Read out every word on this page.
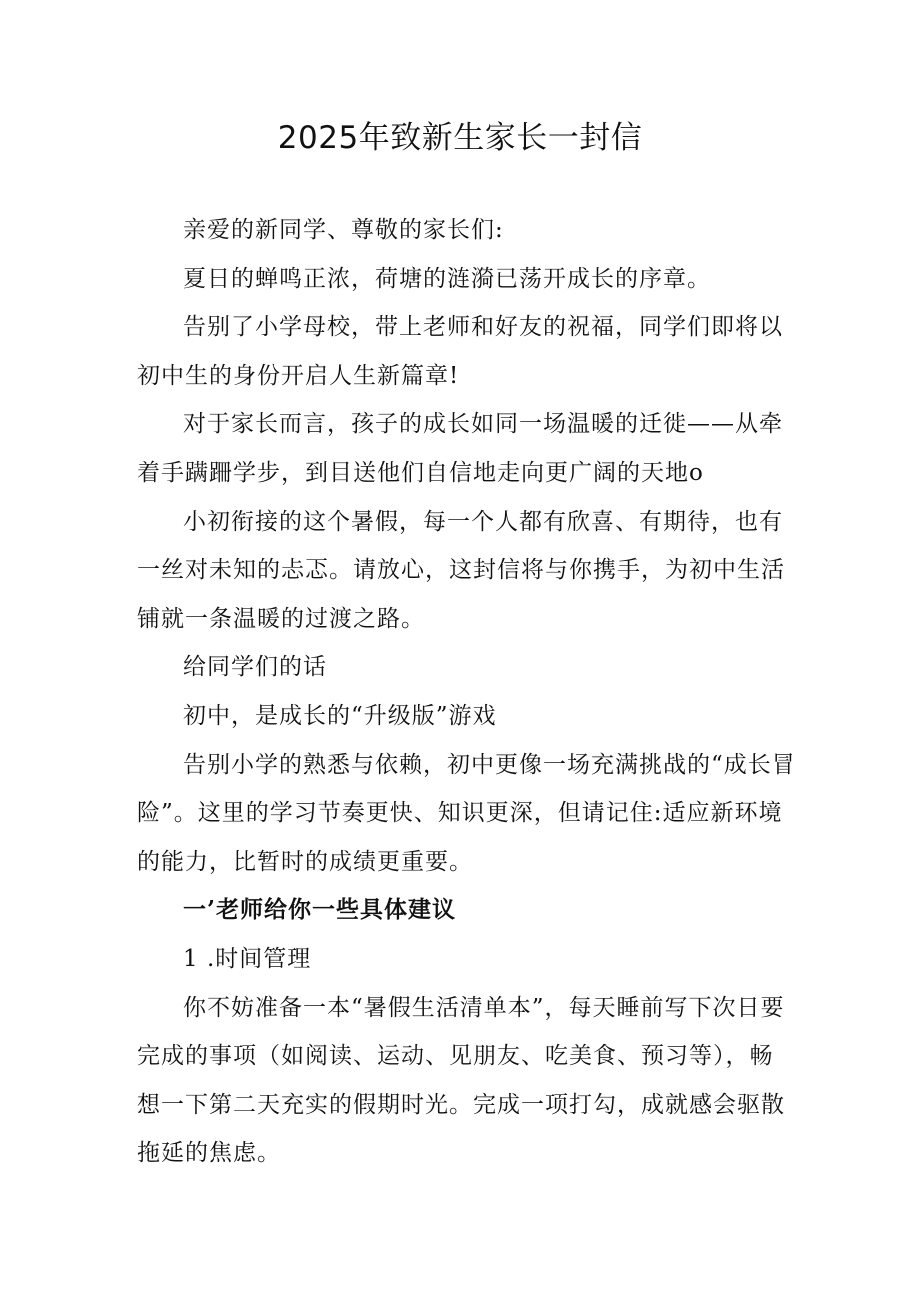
2025年致新生家长一封信

亲爱的新同学、尊敬的家长们:

夏日的蝉鸣正浓，荷塘的涟漪已荡开成长的序章。

告别了小学母校，带上老师和好友的祝福，同学们即将以初中生的身份开启人生新篇章!

对于家长而言，孩子的成长如同一场温暖的迁徙——从牵着手蹒跚学步，到目送他们自信地走向更广阔的天地o

小初衔接的这个暑假，每一个人都有欣喜、有期待，也有一丝对未知的忐忑。请放心，这封信将与你携手，为初中生活铺就一条温暖的过渡之路。

给同学们的话

初中，是成长的“升级版”游戏

告别小学的熟悉与依赖，初中更像一场充满挑战的“成长冒险”。这里的学习节奏更快、知识更深，但请记住:适应新环境的能力，比暂时的成绩更重要。

一’老师给你一些具体建议

1 .时间管理

你不妨准备一本“暑假生活清单本”，每天睡前写下次日要完成的事项（如阅读、运动、见朋友、吃美食、预习等），畅想一下第二天充实的假期时光。完成一项打勾，成就感会驱散拖延的焦虑。
